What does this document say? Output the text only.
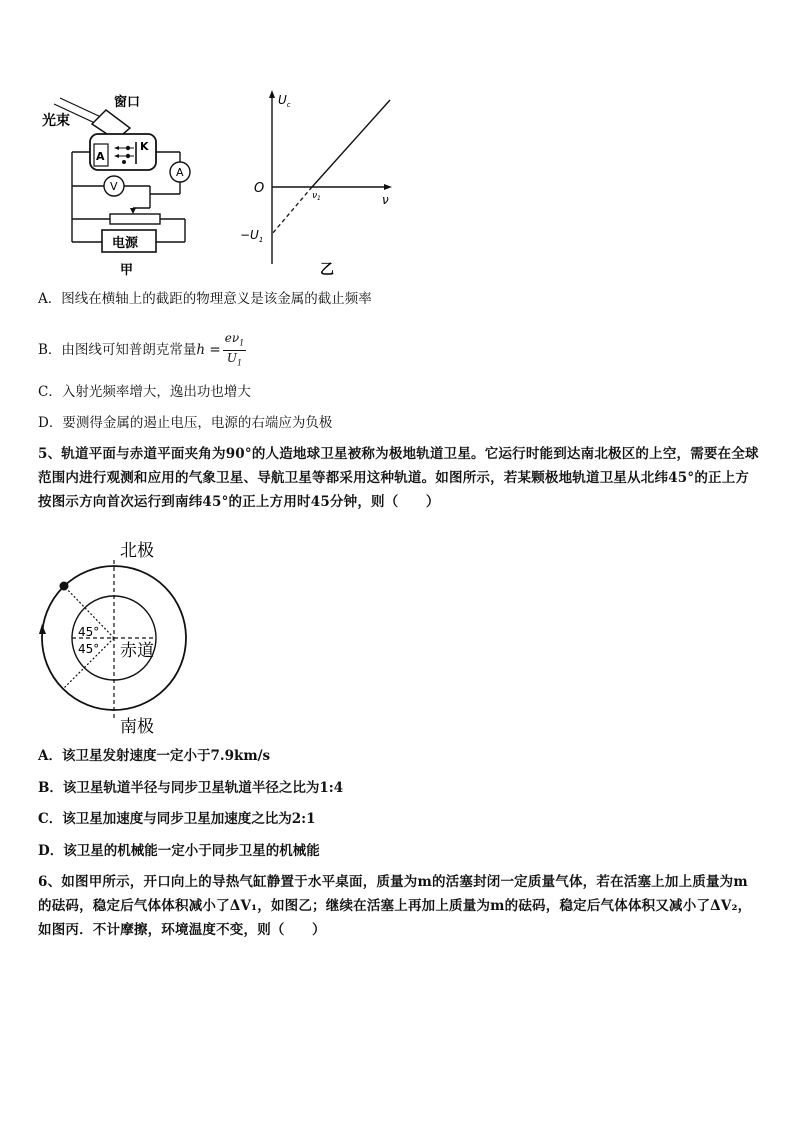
光束
窗口
A
K
A
V
电源
甲
$U_c$
O
ν
$\nu_1$
$-U_1$
乙
A．图线在横轴上的截距的物理意义是该金属的截止频率
B．由图线可知普朗克常量$h = \frac{e\nu_1}{U_1}$
C．入射光频率增大，逸出功也增大
D．要测得金属的遏止电压，电源的右端应为负极
5、轨道平面与赤道平面夹角为90°的人造地球卫星被称为极地轨道卫星。它运行时能到达南北极区的上空，需要在全球范围内进行观测和应用的气象卫星、导航卫星等都采用这种轨道。如图所示，若某颗极地轨道卫星从北纬45°的正上方按图示方向首次运行到南纬45°的正上方用时45分钟，则（　　）
45°
45° 赤道
北极
南极
A．该卫星发射速度一定小于7.9km/s
B．该卫星轨道半径与同步卫星轨道半径之比为1:4
C．该卫星加速度与同步卫星加速度之比为2:1
D．该卫星的机械能一定小于同步卫星的机械能
6、如图甲所示，开口向上的导热气缸静置于水平桌面，质量为m的活塞封闭一定质量气体，若在活塞上加上质量为m的砝码，稳定后气体体积减小了ΔV₁，如图乙；继续在活塞上再加上质量为m的砝码，稳定后气体体积又减小了ΔV₂，如图丙．不计摩擦，环境温度不变，则（　　）
